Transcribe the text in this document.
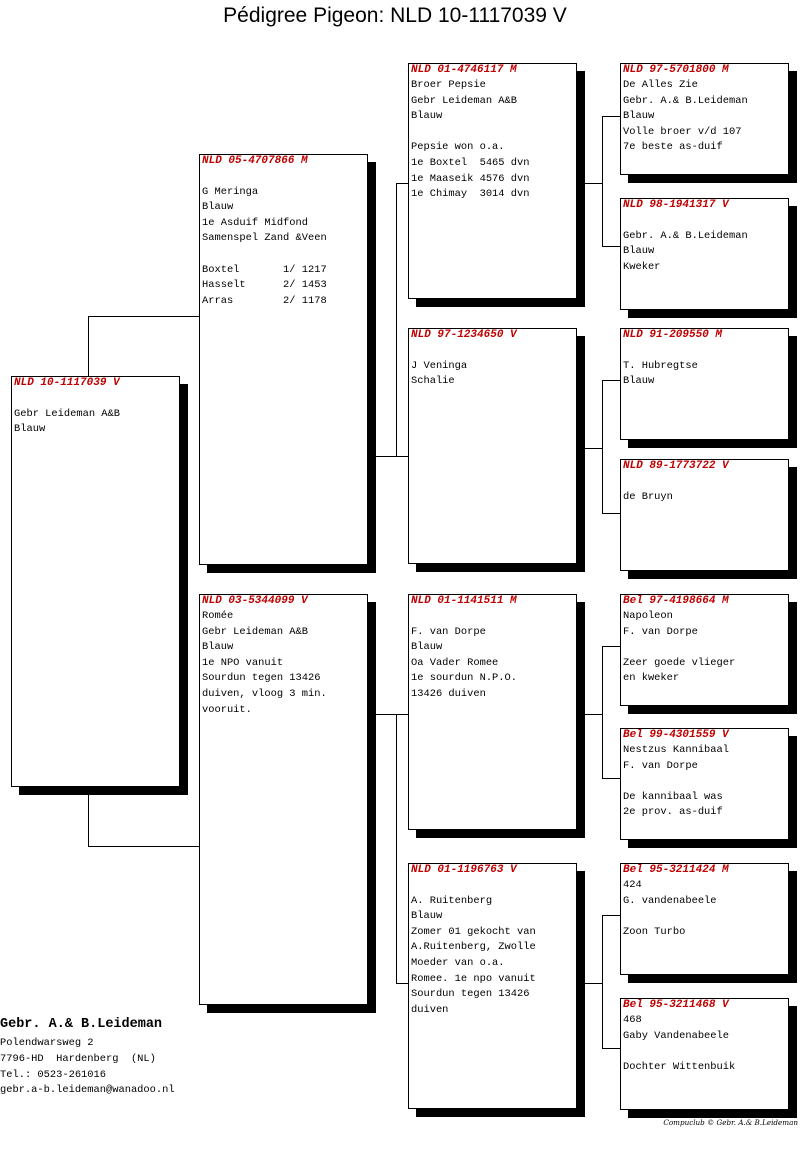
Pédigree Pigeon: NLD 10-1117039 V
NLD 10-1117039 V
Gebr Leideman A&B
Blauw
NLD 05-4707866 M
G Meringa
Blauw
1e Asduif Midfond
Samenspel Zand &Veen
Boxtel       1/ 1217
Hasselt      2/ 1453
Arras        2/ 1178
NLD 03-5344099 V
Romée
Gebr Leideman A&B
Blauw
1e NPO vanuit
Sourdun tegen 13426
duiven, vloog 3 min.
vooruit.
NLD 01-4746117 M
Broer Pepsie
Gebr Leideman A&B
Blauw
Pepsie won o.a.
1e Boxtel  5465 dvn
1e Maaseik 4576 dvn
1e Chimay  3014 dvn
NLD 97-1234650 V
J Veninga
Schalie
NLD 01-1141511 M
F. van Dorpe
Blauw
Oa Vader Romee
1e sourdun N.P.O.
13426 duiven
NLD 01-1196763 V
A. Ruitenberg
Blauw
Zomer 01 gekocht van
A.Ruitenberg, Zwolle
Moeder van o.a.
Romee. 1e npo vanuit
Sourdun tegen 13426
duiven
NLD 97-5701800 M
De Alles Zie
Gebr. A.& B.Leideman
Blauw
Volle broer v/d 107
7e beste as-duif
NLD 98-1941317 V
Gebr. A.& B.Leideman
Blauw
Kweker
NLD 91-209550 M
T. Hubregtse
Blauw
NLD 89-1773722 V
de Bruyn
Bel 97-4198664 M
Napoleon
F. van Dorpe
Zeer goede vlieger
en kweker
Bel 99-4301559 V
Nestzus Kannibaal
F. van Dorpe
De kannibaal was
2e prov. as-duif
Bel 95-3211424 M
424
G. vandenabeele
Zoon Turbo
Bel 95-3211468 V
468
Gaby Vandenabeele
Dochter Wittenbuik
Gebr. A.& B.Leideman
Polendwarsweg 2
7796-HD  Hardenberg  (NL)
Tel.: 0523-261016
gebr.a-b.leideman@wanadoo.nl
Compuclub © Gebr. A.& B.Leideman
